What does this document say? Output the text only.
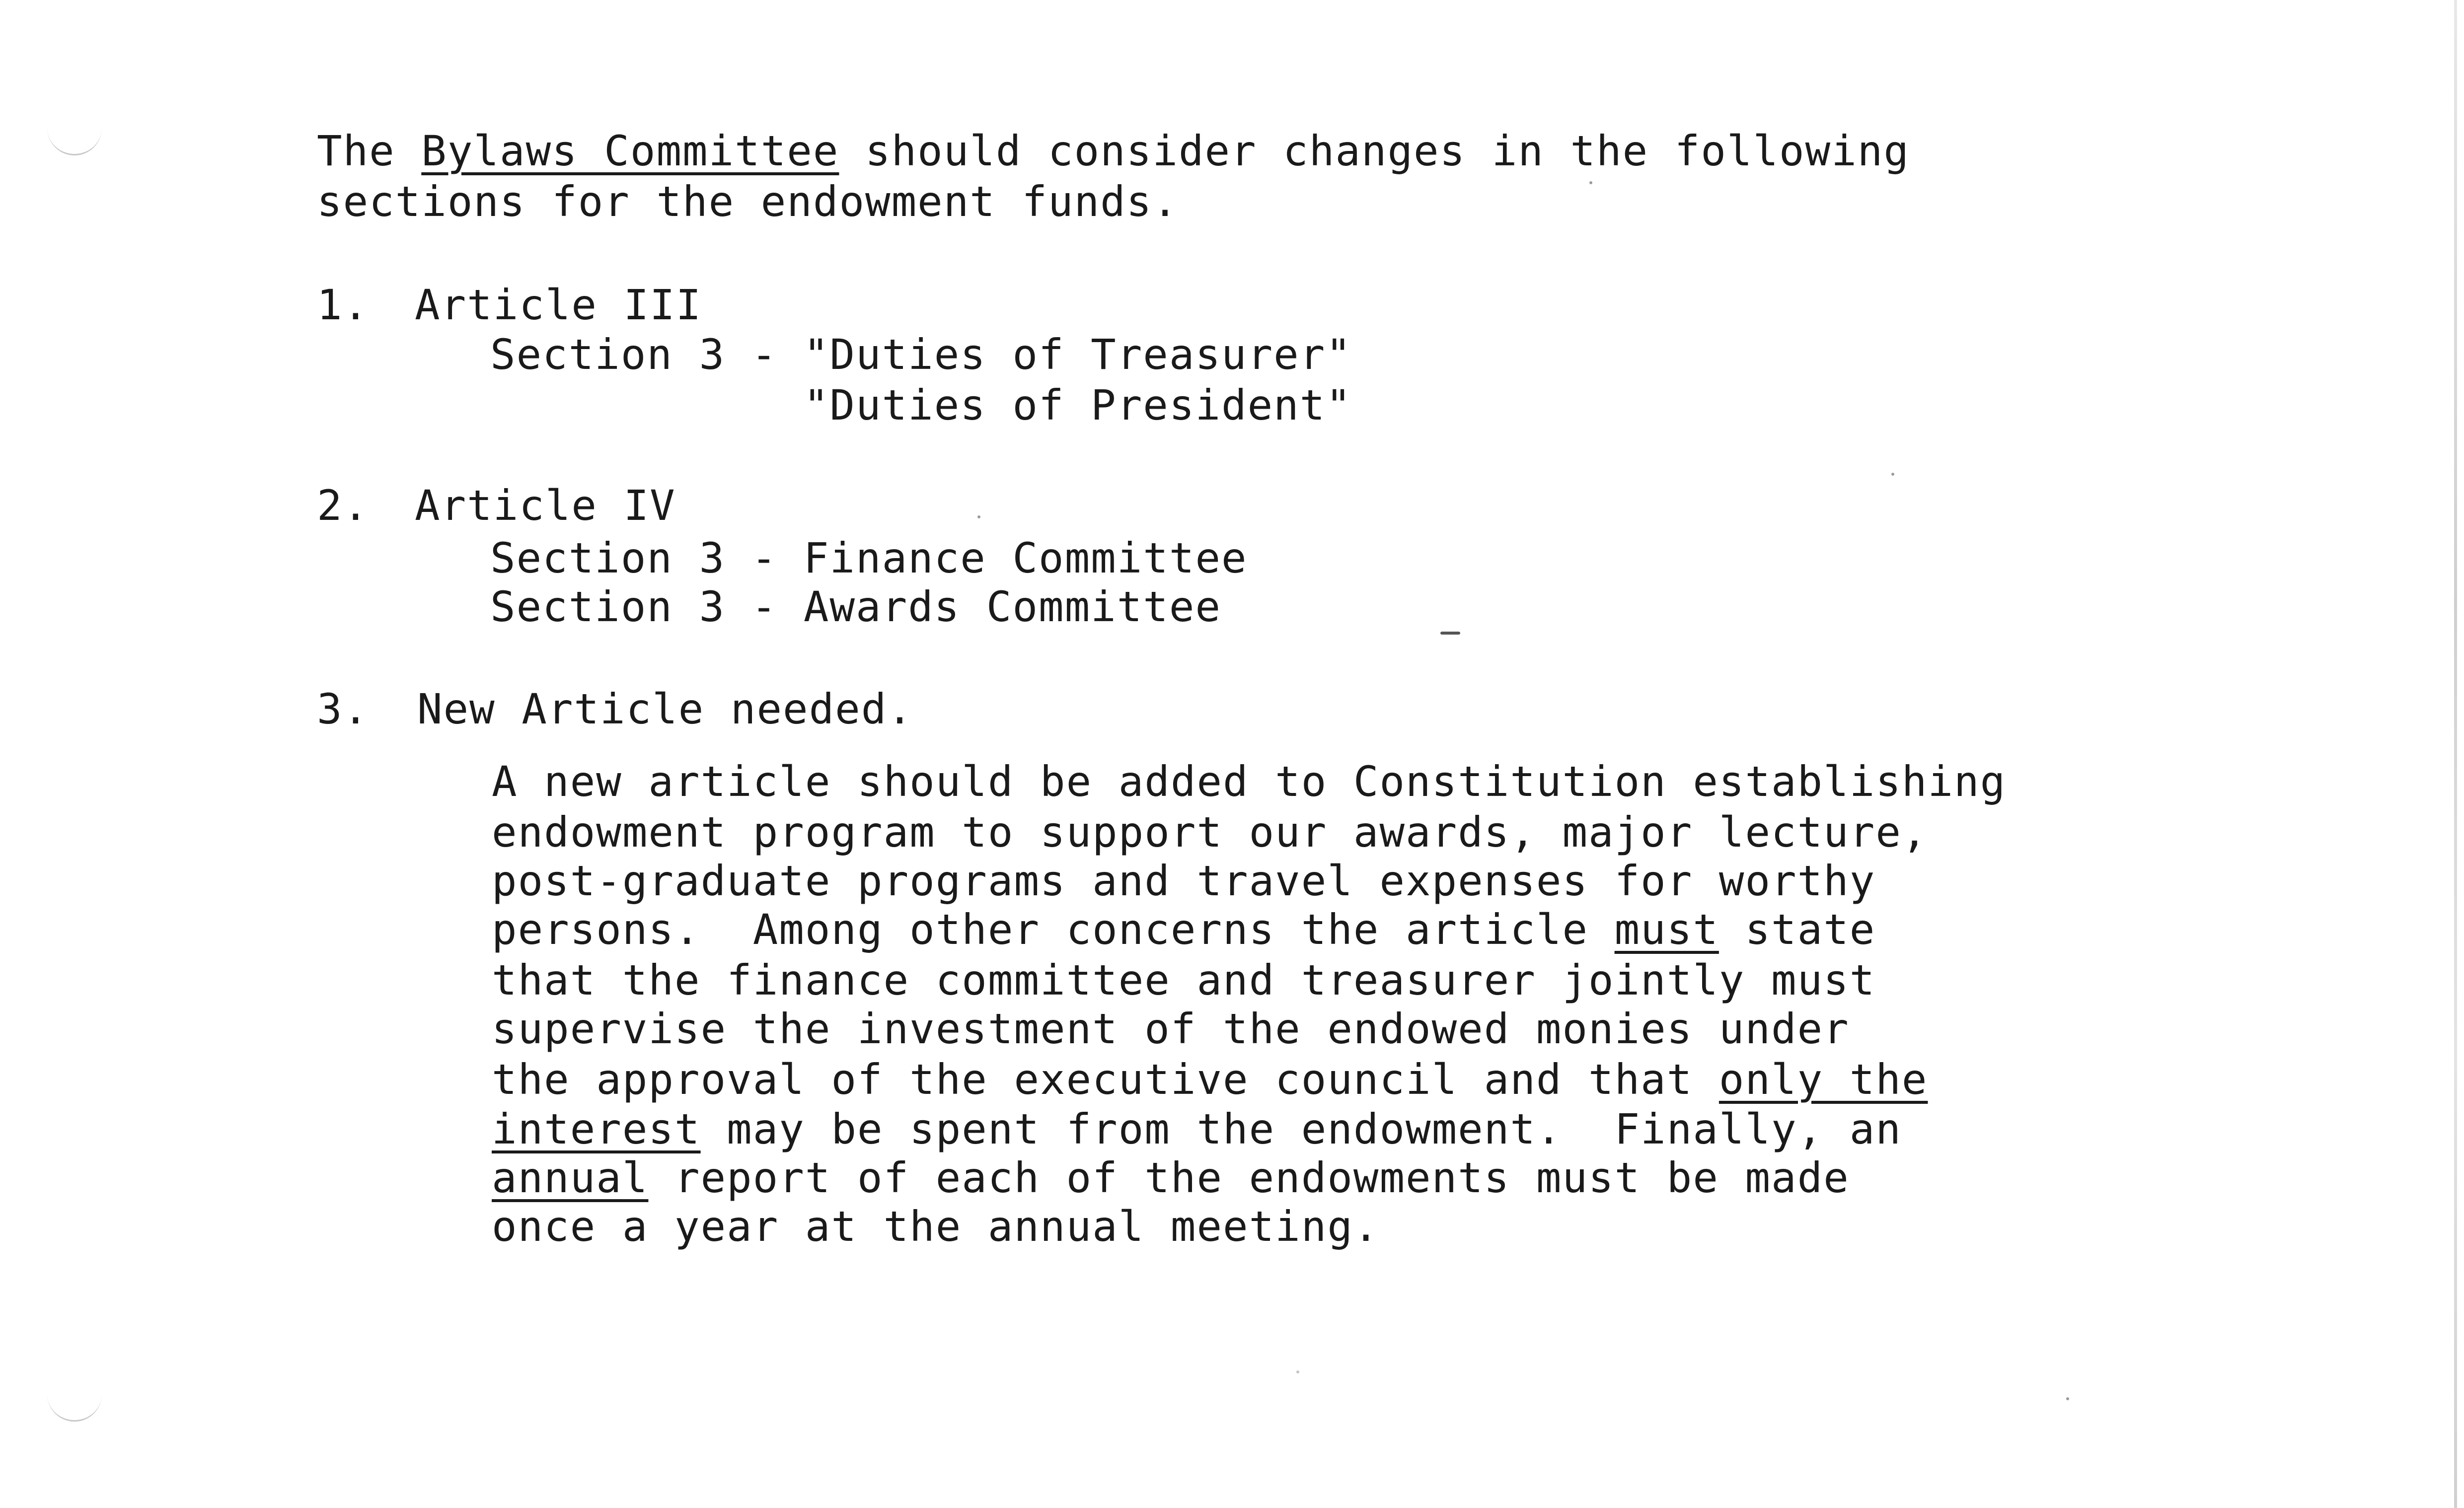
The Bylaws Committee should consider changes in the following
sections for the endowment funds.
1. Article III
Section 3 - "Duties of Treasurer"
"Duties of President"
2. Article IV
Section 3 - Finance Committee
Section 3 - Awards Committee
3. New Article needed.
A new article should be added to Constitution establishing
endowment program to support our awards, major lecture,
post-graduate programs and travel expenses for worthy
persons.  Among other concerns the article must state
that the finance committee and treasurer jointly must
supervise the investment of the endowed monies under
the approval of the executive council and that only the
interest may be spent from the endowment.  Finally, an
annual report of each of the endowments must be made
once a year at the annual meeting.
